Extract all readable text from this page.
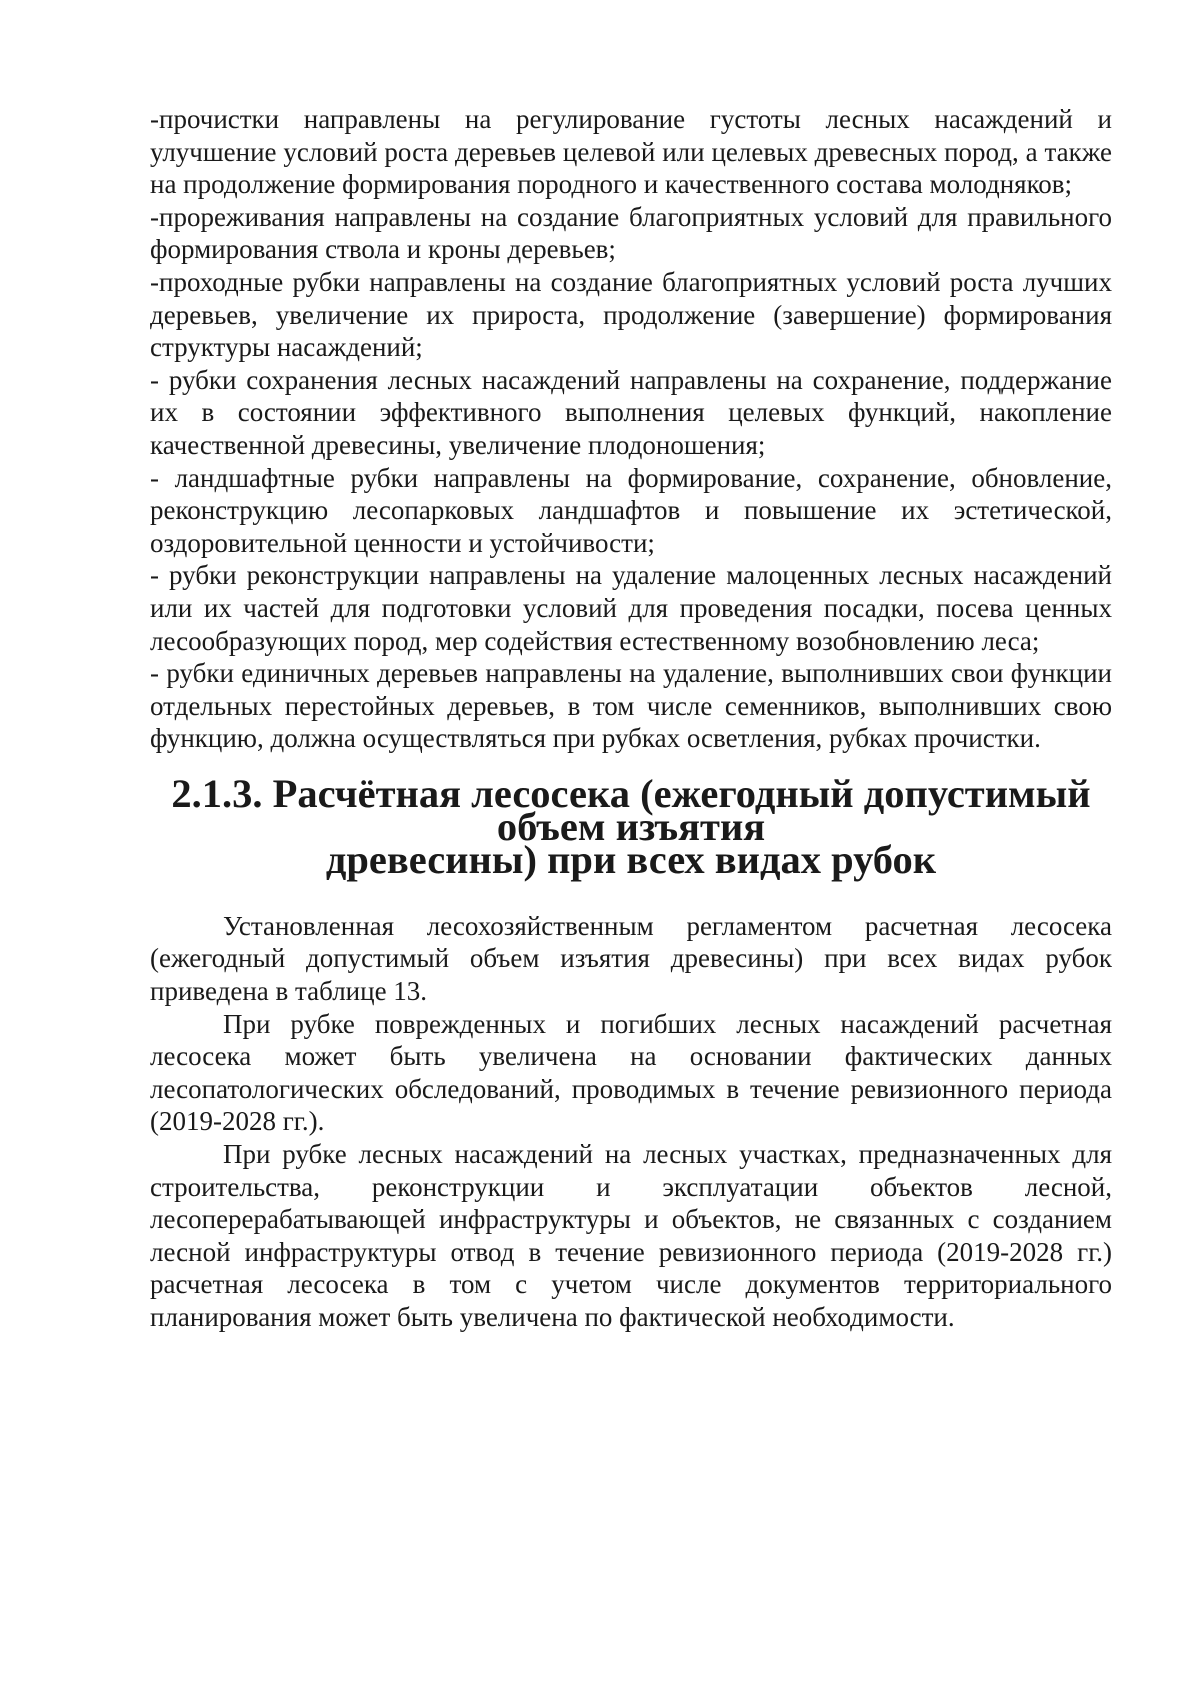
-прочистки направлены на регулирование густоты лесных насаждений и улучшение условий роста деревьев целевой или целевых древесных пород, а также на продолжение формирования породного и качественного состава молодняков;

-прореживания направлены на создание благоприятных условий для правильного формирования ствола и кроны деревьев;

-проходные рубки направлены на создание благоприятных условий роста лучших деревьев, увеличение их прироста, продолжение (завершение) формирования структуры насаждений;

- рубки сохранения лесных насаждений направлены на сохранение, поддержание их в состоянии эффективного выполнения целевых функций, накопление качественной древесины, увеличение плодоношения;

- ландшафтные рубки направлены на формирование, сохранение, обновление, реконструкцию лесопарковых ландшафтов и повышение их эстетической, оздоровительной ценности и устойчивости;

- рубки реконструкции направлены на удаление малоценных лесных насаждений или их частей для подготовки условий для проведения посадки, посева ценных лесообразующих пород, мер содействия естественному возобновлению леса;

- рубки единичных деревьев направлены на удаление, выполнивших свои функции отдельных перестойных деревьев, в том числе семенников, выполнивших свою функцию, должна осуществляться при рубках осветления, рубках прочистки.

2.1.3. Расчётная лесосека (ежегодный допустимый объем изъятия
древесины) при всех видах рубок

Установленная лесохозяйственным регламентом расчетная лесосека (ежегодный допустимый объем изъятия древесины) при всех видах рубок приведена в таблице 13.

При рубке поврежденных и погибших лесных насаждений расчетная лесосека может быть увеличена на основании фактических данных лесопатологических обследований, проводимых в течение ревизионного периода (2019-2028 гг.).

При рубке лесных насаждений на лесных участках, предназначенных для строительства, реконструкции и эксплуатации объектов лесной, лесоперерабатывающей инфраструктуры и объектов, не связанных с созданием лесной инфраструктуры отвод в течение ревизионного периода (2019-2028 гг.) расчетная лесосека в том с учетом числе документов территориального планирования может быть увеличена по фактической необходимости.
